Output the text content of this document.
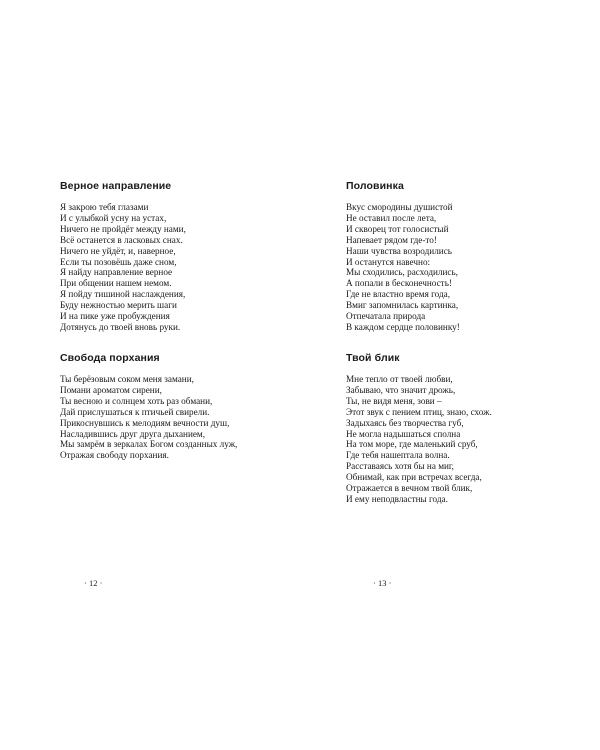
Верное направление
Я закрою тебя глазами
И с улыбкой усну на устах,
Ничего не пройдёт между нами,
Всё останется в ласковых снах.
Ничего не уйдёт, и, наверное,
Если ты позовёшь даже сном,
Я найду направление верное
При общении нашем немом.
Я пойду тишиной наслаждения,
Буду нежностью мерить шаги
И на пике уже пробуждения
Дотянусь до твоей вновь руки.
Свобода порхания
Ты берёзовым соком меня замани,
Помани ароматом сирени,
Ты весною и солнцем хоть раз обмани,
Дай прислушаться к птичьей свирели.
Прикоснувшись к мелодиям вечности душ,
Насладившись друг друга дыханием,
Мы замрём в зеркалах Богом созданных луж,
Отражая свободу порхания.
· 12 ·
Половинка
Вкус смородины душистой
Не оставил после лета,
И скворец тот голосистый
Напевает рядом где-то!
Наши чувства возродились
И останутся навечно:
Мы сходились, расходились,
А попали в бесконечность!
Где не властно время года,
Вмиг запомнилась картинка,
Отпечатала природа
В каждом сердце половинку!
Твой блик
Мне тепло от твоей любви,
Забываю, что значит дрожь,
Ты, не видя меня, зови –
Этот звук с пением птиц, знаю, схож.
Задыхаясь без творчества губ,
Не могла надышаться сполна
На том море, где маленький сруб,
Где тебя нашептала волна.
Расставаясь хотя бы на миг,
Обнимай, как при встречах всегда,
Отражается в вечном твой блик,
И ему неподвластны года.
· 13 ·
